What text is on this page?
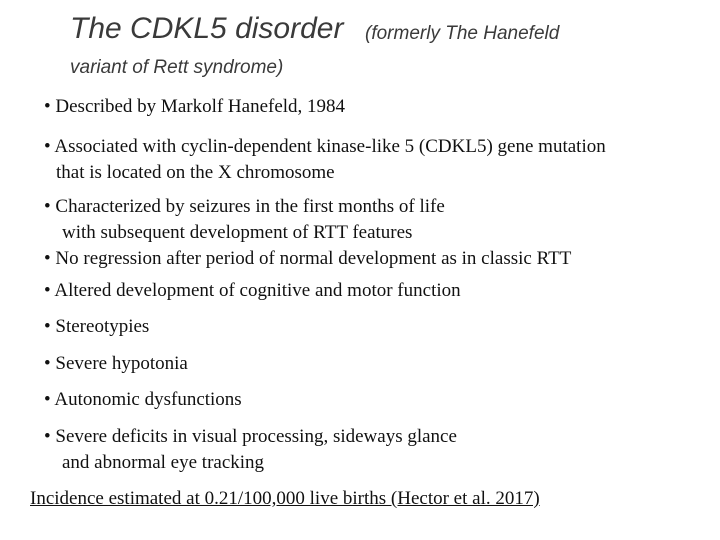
The CDKL5 disorder (formerly The Hanefeld
variant of Rett syndrome)

• Described by Markolf Hanefeld, 1984

• Associated with cyclin-dependent kinase-like 5 (CDKL5) gene mutation

that is located on the X chromosome

• Characterized by seizures in the first months of life

with subsequent development of RTT features

• No regression after period of normal development as in classic RTT

• Altered development of cognitive and motor function

• Stereotypies

• Severe hypotonia

• Autonomic dysfunctions

• Severe deficits in visual processing, sideways glance

and abnormal eye tracking

Incidence estimated at 0.21/100,000 live births (Hector et al. 2017)
